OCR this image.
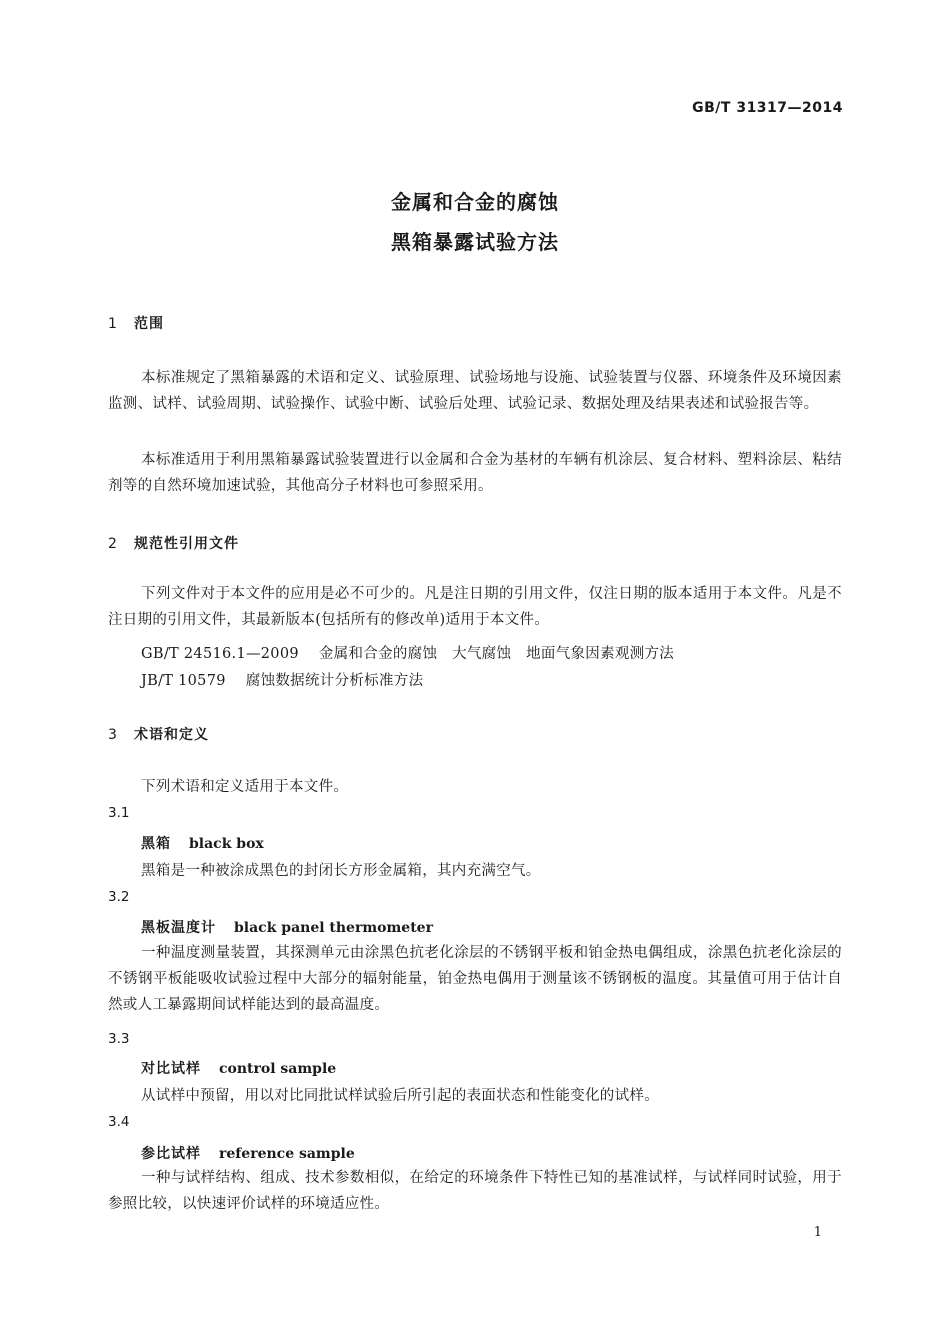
GB/T 31317—2014
金属和合金的腐蚀
黑箱暴露试验方法
1 范围
本标准规定了黑箱暴露的术语和定义、试验原理、试验场地与设施、试验装置与仪器、环境条件及环境因素监测、试样、试验周期、试验操作、试验中断、试验后处理、试验记录、数据处理及结果表述和试验报告等。
本标准适用于利用黑箱暴露试验装置进行以金属和合金为基材的车辆有机涂层、复合材料、塑料涂层、粘结剂等的自然环境加速试验，其他高分子材料也可参照采用。
2 规范性引用文件
下列文件对于本文件的应用是必不可少的。凡是注日期的引用文件，仅注日期的版本适用于本文件。凡是不注日期的引用文件，其最新版本(包括所有的修改单)适用于本文件。
GB/T 24516.1—2009 金属和合金的腐蚀　大气腐蚀　地面气象因素观测方法
JB/T 10579 腐蚀数据统计分析标准方法
3 术语和定义
下列术语和定义适用于本文件。
3.1
黑箱 black box
黑箱是一种被涂成黑色的封闭长方形金属箱，其内充满空气。
3.2
黑板温度计 black panel thermometer
一种温度测量装置，其探测单元由涂黑色抗老化涂层的不锈钢平板和铂金热电偶组成，涂黑色抗老化涂层的不锈钢平板能吸收试验过程中大部分的辐射能量，铂金热电偶用于测量该不锈钢板的温度。其量值可用于估计自然或人工暴露期间试样能达到的最高温度。
3.3
对比试样 control sample
从试样中预留，用以对比同批试样试验后所引起的表面状态和性能变化的试样。
3.4
参比试样 reference sample
一种与试样结构、组成、技术参数相似，在给定的环境条件下特性已知的基准试样，与试样同时试验，用于参照比较，以快速评价试样的环境适应性。
1
